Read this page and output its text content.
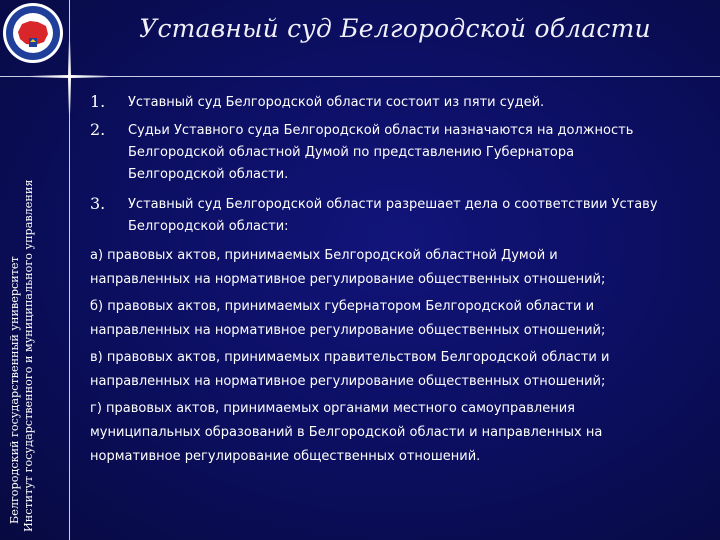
Белгородский государственный университет Институт государственного и муниципального управления
Уставный суд Белгородской области
1. Уставный суд Белгородской области состоит из пяти судей.
2. Судьи Уставного суда Белгородской области назначаются на должность
Белгородской областной Думой по представлению Губернатора
Белгородской области.
3. Уставный суд Белгородской области разрешает дела о соответствии Уставу
Белгородской области:
а) правовых актов, принимаемых Белгородской областной Думой и
направленных на нормативное регулирование общественных отношений;
б) правовых актов, принимаемых губернатором Белгородской области и
направленных на нормативное регулирование общественных отношений;
в) правовых актов, принимаемых правительством Белгородской области и
направленных на нормативное регулирование общественных отношений;
г) правовых актов, принимаемых органами местного самоуправления
муниципальных образований в Белгородской области и направленных на
нормативное регулирование общественных отношений.
